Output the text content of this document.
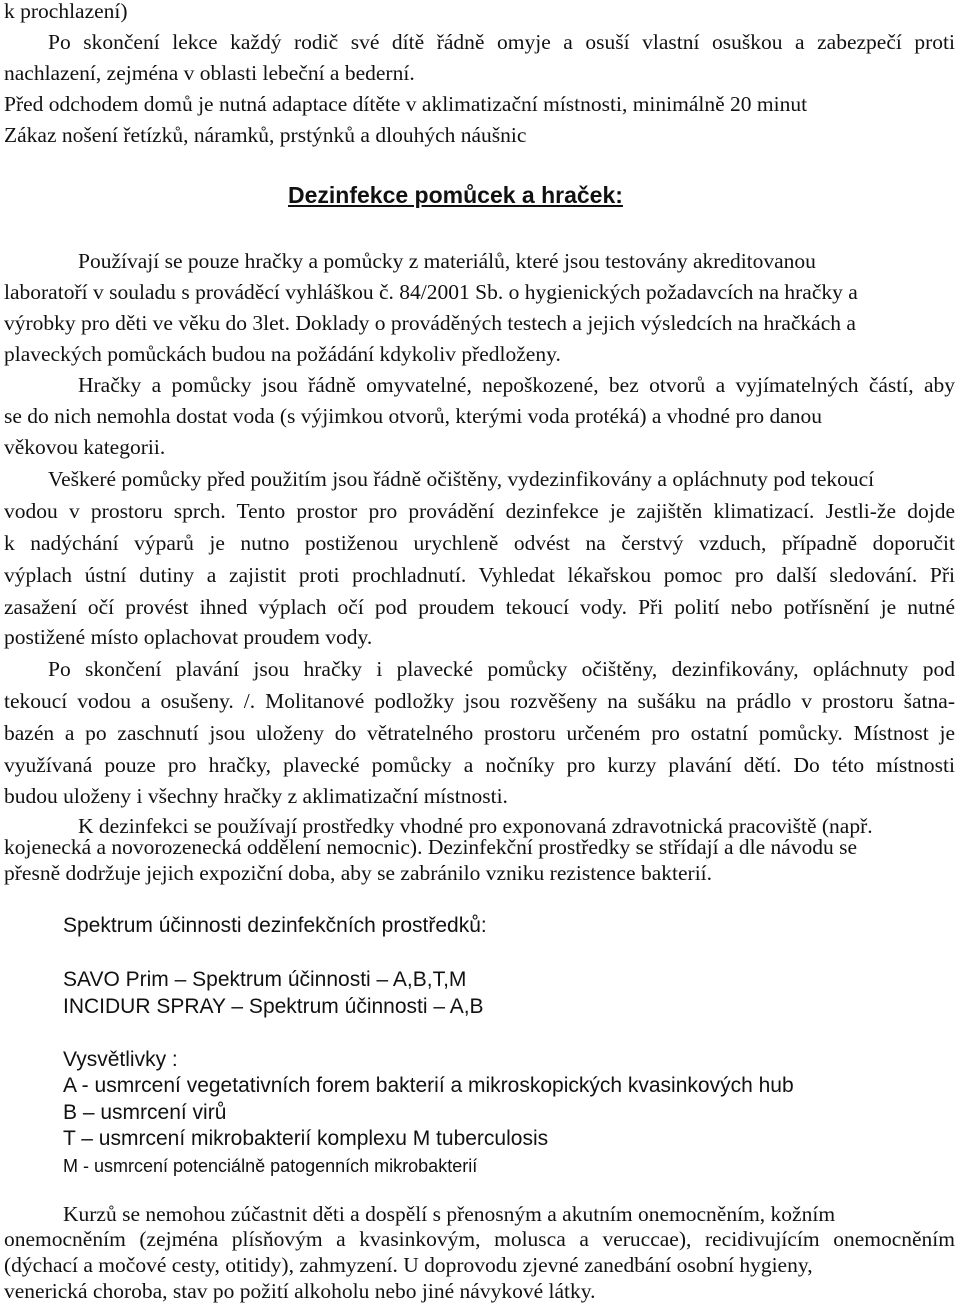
k prochlazení)
Po skončení lekce každý rodič své dítě řádně omyje a osuší vlastní osuškou a zabezpečí proti
nachlazení, zejména v oblasti lebeční a bederní.
Před odchodem domů je nutná adaptace dítěte v aklimatizační místnosti, minimálně 20 minut
Zákaz nošení řetízků, náramků, prstýnků a dlouhých náušnic
Dezinfekce pomůcek a hraček:
Používají se pouze hračky a pomůcky z materiálů, které jsou testovány akreditovanou
laboratoří v souladu s prováděcí vyhláškou č. 84/2001 Sb. o hygienických požadavcích na hračky a
výrobky pro děti ve věku do 3let. Doklady o prováděných testech a jejich výsledcích na hračkách a
plaveckých pomůckách budou na požádání kdykoliv předloženy.
Hračky a pomůcky jsou řádně omyvatelné, nepoškozené, bez otvorů a vyjímatelných částí, aby
se do nich nemohla dostat voda (s výjimkou otvorů, kterými voda protéká) a vhodné pro danou
věkovou kategorii.
Veškeré pomůcky před použitím jsou řádně očištěny, vydezinfikovány a opláchnuty pod tekoucí
vodou v prostoru sprch. Tento prostor pro provádění dezinfekce je zajištěn klimatizací. Jestli-že dojde
k nadýchání výparů je nutno postiženou urychleně odvést na čerstvý vzduch, případně doporučit
výplach ústní dutiny a zajistit proti prochladnutí. Vyhledat lékařskou pomoc pro další sledování. Při
zasažení očí provést ihned výplach očí pod proudem tekoucí vody. Při polití nebo potřísnění je nutné
postižené místo oplachovat proudem vody.
Po skončení plavání jsou hračky i plavecké pomůcky očištěny, dezinfikovány, opláchnuty pod
tekoucí vodou a osušeny. /. Molitanové podložky jsou rozvěšeny na sušáku na prádlo v prostoru šatna-
bazén a po zaschnutí jsou uloženy do větratelného prostoru určeném pro ostatní pomůcky. Místnost je
využívaná pouze pro hračky, plavecké pomůcky a nočníky pro kurzy plavání dětí. Do této místnosti
budou uloženy i všechny hračky z aklimatizační místnosti.
K dezinfekci se používají prostředky vhodné pro exponovaná zdravotnická pracoviště (např.
kojenecká a novorozenecká oddělení nemocnic). Dezinfekční prostředky se střídají a dle návodu se
přesně dodržuje jejich expoziční doba, aby se zabránilo vzniku rezistence bakterií.
Spektrum účinnosti dezinfekčních prostředků:
SAVO Prim – Spektrum účinnosti – A,B,T,M
INCIDUR SPRAY – Spektrum účinnosti – A,B
Vysvětlivky :
A - usmrcení vegetativních forem bakterií a mikroskopických kvasinkových hub
B – usmrcení virů
T – usmrcení mikrobakterií komplexu M tuberculosis
M - usmrcení potenciálně patogenních mikrobakterií
Kurzů se nemohou zúčastnit děti a dospělí s přenosným a akutním onemocněním, kožním
onemocněním (zejména plísňovým a kvasinkovým, molusca a veruccae), recidivujícím onemocněním
(dýchací a močové cesty, otitidy), zahmyzení. U doprovodu zjevné zanedbání osobní hygieny,
venerická choroba, stav po požití alkoholu nebo jiné návykové látky.
